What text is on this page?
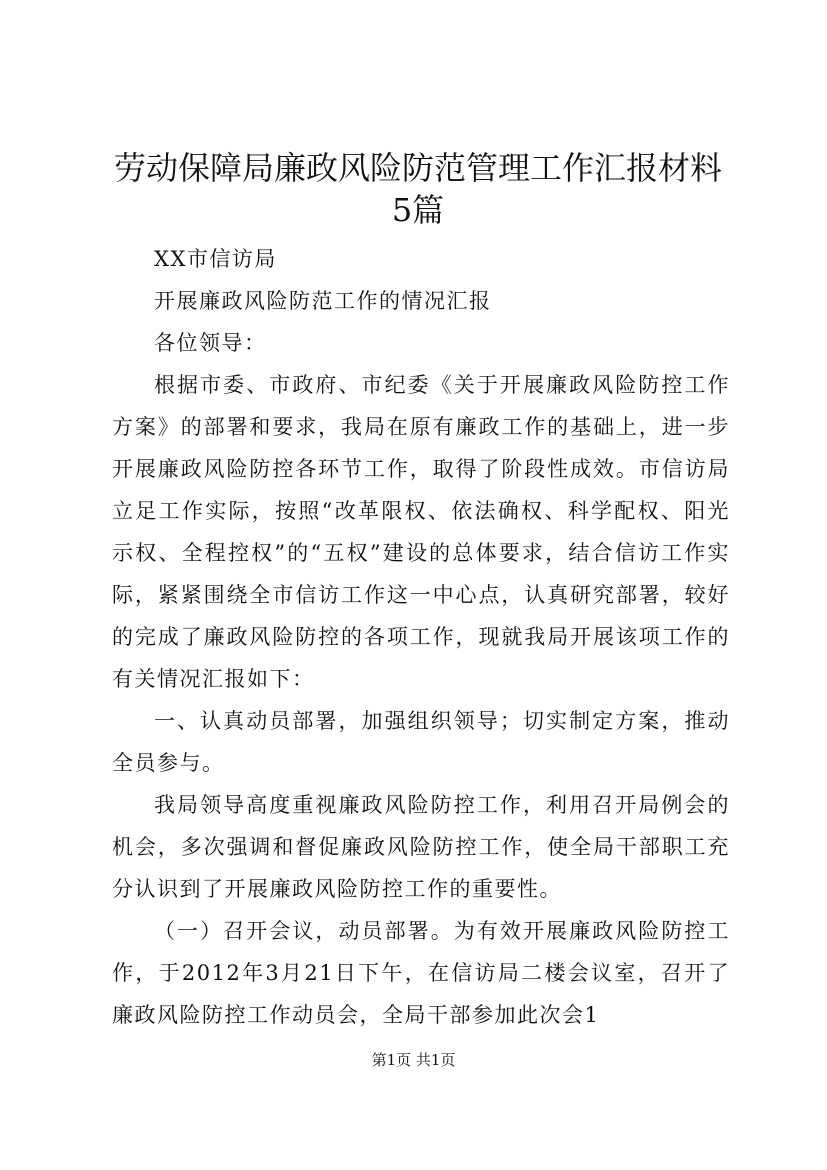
劳动保障局廉政风险防范管理工作汇报材料5篇

XX市信访局

开展廉政风险防范工作的情况汇报

各位领导：

根据市委、市政府、市纪委《关于开展廉政风险防控工作方案》的部署和要求，我局在原有廉政工作的基础上，进一步开展廉政风险防控各环节工作，取得了阶段性成效。市信访局立足工作实际，按照“改革限权、依法确权、科学配权、阳光示权、全程控权”的“五权”建设的总体要求，结合信访工作实际，紧紧围绕全市信访工作这一中心点，认真研究部署，较好的完成了廉政风险防控的各项工作，现就我局开展该项工作的有关情况汇报如下：

一、认真动员部署，加强组织领导；切实制定方案，推动全员参与。

我局领导高度重视廉政风险防控工作，利用召开局例会的机会，多次强调和督促廉政风险防控工作，使全局干部职工充分认识到了开展廉政风险防控工作的重要性。

（一）召开会议，动员部署。为有效开展廉政风险防控工作，于2012年3月21日下午，在信访局二楼会议室，召开了廉政风险防控工作动员会，全局干部参加此次会1

第1页 共1页
